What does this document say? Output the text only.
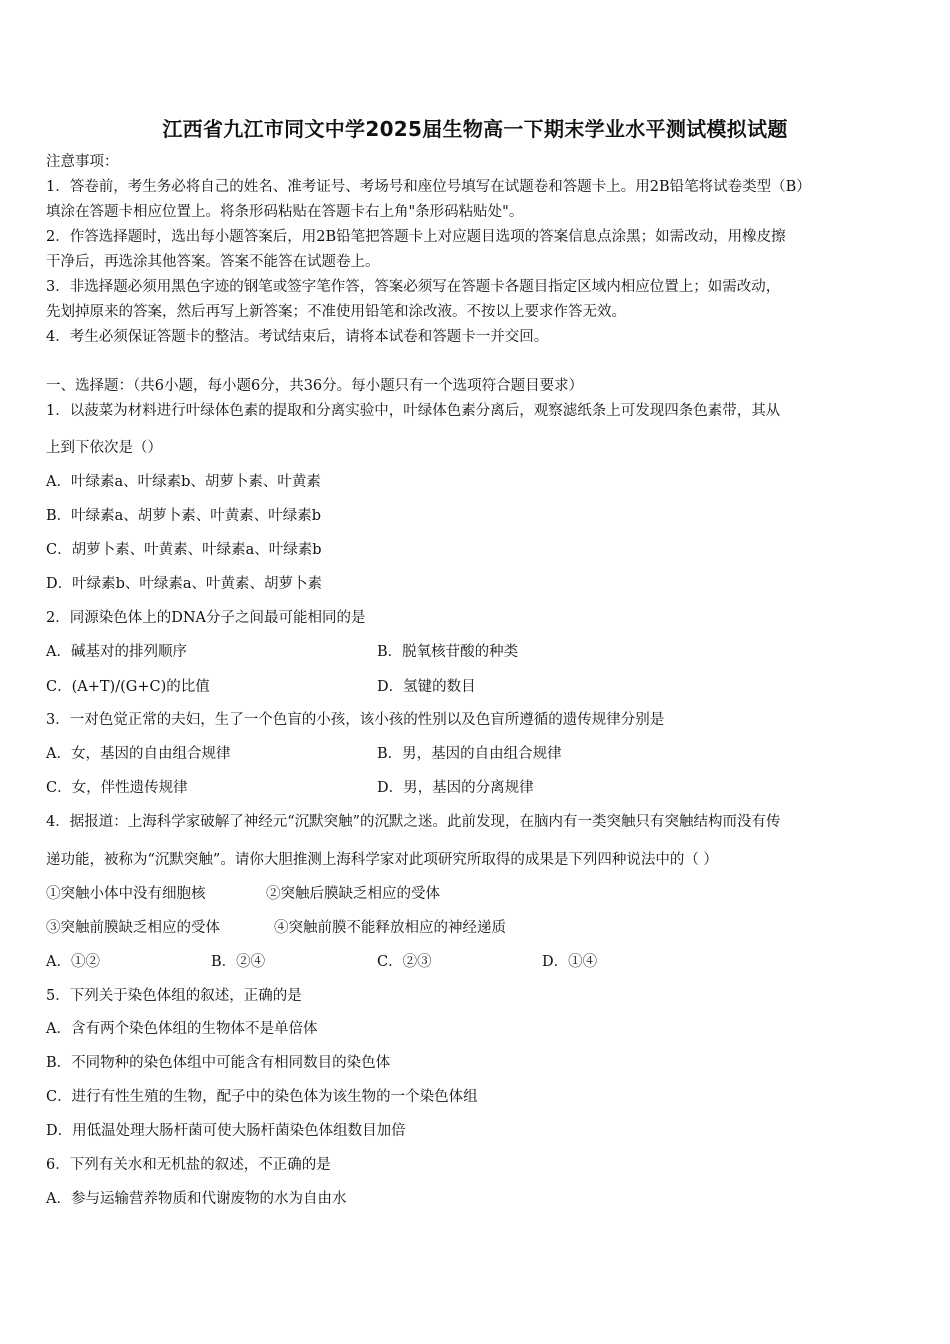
江西省九江市同文中学2025届生物高一下期末学业水平测试模拟试题
注意事项：
1．答卷前，考生务必将自己的姓名、准考证号、考场号和座位号填写在试题卷和答题卡上。用2B铅笔将试卷类型（B）
填涂在答题卡相应位置上。将条形码粘贴在答题卡右上角"条形码粘贴处"。
2．作答选择题时，选出每小题答案后，用2B铅笔把答题卡上对应题目选项的答案信息点涂黑；如需改动，用橡皮擦
干净后，再选涂其他答案。答案不能答在试题卷上。
3．非选择题必须用黑色字迹的钢笔或签字笔作答，答案必须写在答题卡各题目指定区域内相应位置上；如需改动，
先划掉原来的答案，然后再写上新答案；不准使用铅笔和涂改液。不按以上要求作答无效。
4．考生必须保证答题卡的整洁。考试结束后，请将本试卷和答题卡一并交回。
一、选择题：（共6小题，每小题6分，共36分。每小题只有一个选项符合题目要求）
1．以菠菜为材料进行叶绿体色素的提取和分离实验中，叶绿体色素分离后，观察滤纸条上可发现四条色素带，其从
上到下依次是（）
A．叶绿素a、叶绿素b、胡萝卜素、叶黄素
B．叶绿素a、胡萝卜素、叶黄素、叶绿素b
C．胡萝卜素、叶黄素、叶绿素a、叶绿素b
D．叶绿素b、叶绿素a、叶黄素、胡萝卜素
2．同源染色体上的DNA分子之间最可能相同的是
A．碱基对的排列顺序	B．脱氧核苷酸的种类
C．(A+T)/(G+C)的比值	D．氢键的数目
3．一对色觉正常的夫妇，生了一个色盲的小孩，该小孩的性别以及色盲所遵循的遗传规律分别是
A．女，基因的自由组合规律	B．男，基因的自由组合规律
C．女，伴性遗传规律	D．男，基因的分离规律
4．据报道：上海科学家破解了神经元“沉默突触”的沉默之迷。此前发现，在脑内有一类突触只有突触结构而没有传
递功能，被称为“沉默突触”。请你大胆推测上海科学家对此项研究所取得的成果是下列四种说法中的（ ）
①突触小体中没有细胞核	②突触后膜缺乏相应的受体
③突触前膜缺乏相应的受体	④突触前膜不能释放相应的神经递质
A．①②	B．②④	C．②③	D．①④
5．下列关于染色体组的叙述，正确的是
A．含有两个染色体组的生物体不是单倍体
B．不同物种的染色体组中可能含有相同数目的染色体
C．进行有性生殖的生物，配子中的染色体为该生物的一个染色体组
D．用低温处理大肠杆菌可使大肠杆菌染色体组数目加倍
6．下列有关水和无机盐的叙述，不正确的是
A．参与运输营养物质和代谢废物的水为自由水
